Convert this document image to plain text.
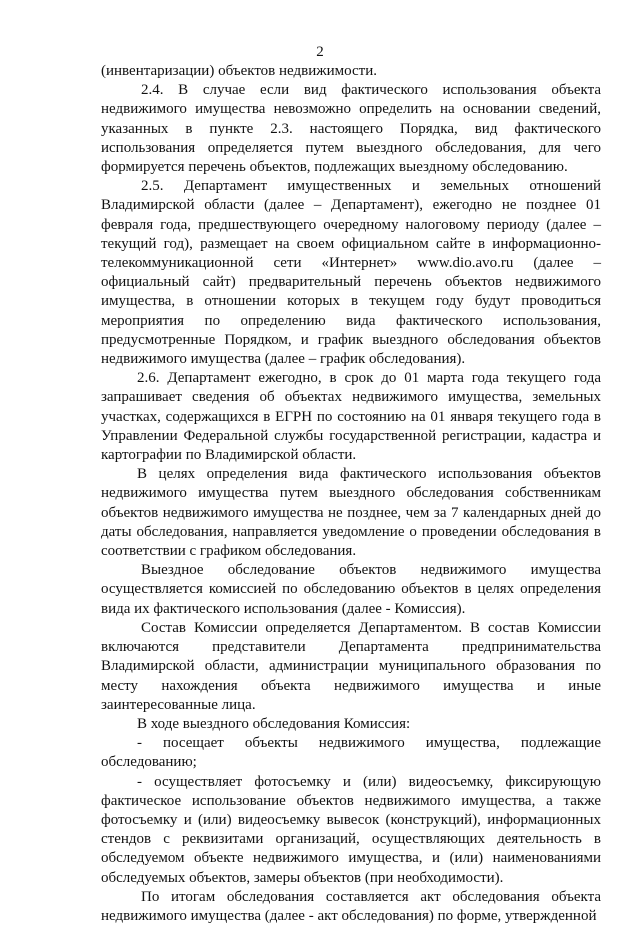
2

(инвентаризации) объектов недвижимости.

2.4. В случае если вид фактического использования объекта недвижимого имущества невозможно определить на основании сведений, указанных в пункте 2.3. настоящего Порядка, вид фактического использования определяется путем выездного обследования, для чего формируется перечень объектов, подлежащих выездному обследованию.

2.5. Департамент имущественных и земельных отношений Владимирской области (далее – Департамент), ежегодно не позднее 01 февраля года, предшествующего очередному налоговому периоду (далее – текущий год), размещает на своем официальном сайте в информационно-телекоммуникационной сети «Интернет» www.dio.avo.ru (далее – официальный сайт) предварительный перечень объектов недвижимого имущества, в отношении которых в текущем году будут проводиться мероприятия по определению вида фактического использования, предусмотренные Порядком, и график выездного обследования объектов недвижимого имущества (далее – график обследования).

2.6. Департамент ежегодно, в срок до 01 марта года текущего года запрашивает сведения об объектах недвижимого имущества, земельных участках, содержащихся в ЕГРН по состоянию на 01 января текущего года в Управлении Федеральной службы государственной регистрации, кадастра и картографии по Владимирской области.

В целях определения вида фактического использования объектов недвижимого имущества путем выездного обследования собственникам объектов недвижимого имущества не позднее, чем за 7 календарных дней до даты обследования, направляется уведомление о проведении обследования в соответствии с графиком обследования.

Выездное обследование объектов недвижимого имущества осуществляется комиссией по обследованию объектов в целях определения вида их фактического использования (далее - Комиссия).

Состав Комиссии определяется Департаментом. В состав Комиссии включаются представители Департамента предпринимательства Владимирской области, администрации муниципального образования по месту нахождения объекта недвижимого имущества и иные заинтересованные лица.

В ходе выездного обследования Комиссия:

- посещает объекты недвижимого имущества, подлежащие обследованию;

- осуществляет фотосъемку и (или) видеосъемку, фиксирующую фактическое использование объектов недвижимого имущества, а также фотосъемку и (или) видеосъемку вывесок (конструкций), информационных стендов с реквизитами организаций, осуществляющих деятельность в обследуемом объекте недвижимого имущества, и (или) наименованиями обследуемых объектов, замеры объектов (при необходимости).

По итогам обследования составляется акт обследования объекта недвижимого имущества (далее - акт обследования) по форме, утвержденной
